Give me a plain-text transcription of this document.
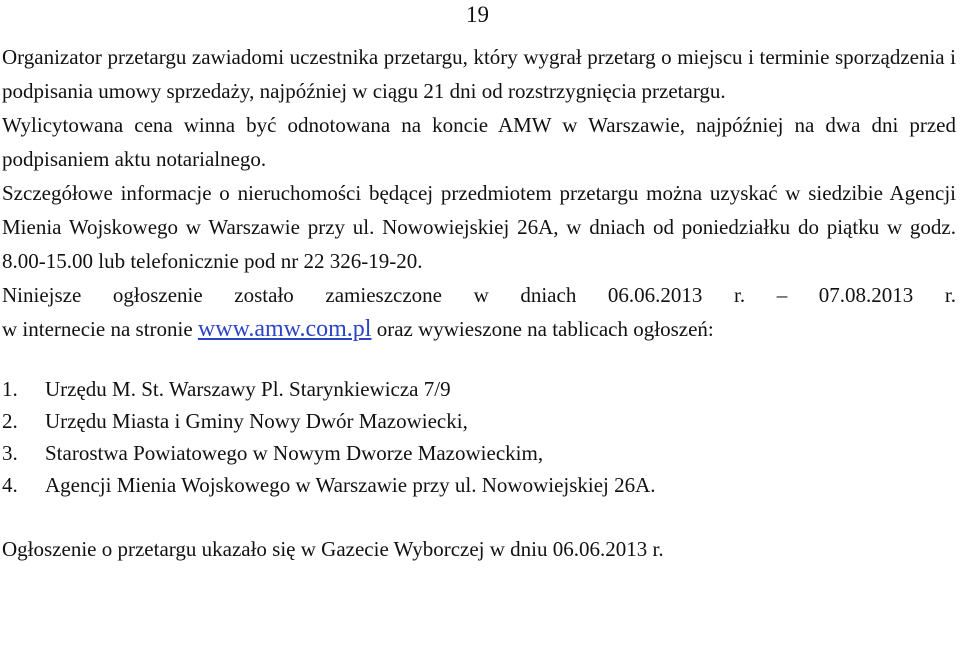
19

Organizator przetargu zawiadomi uczestnika przetargu, który wygrał przetarg o miejscu i terminie sporządzenia i podpisania umowy sprzedaży, najpóźniej w ciągu 21 dni od rozstrzygnięcia przetargu.

Wylicytowana cena winna być odnotowana na koncie AMW w Warszawie, najpóźniej na dwa dni przed podpisaniem aktu notarialnego.

Szczegółowe informacje o nieruchomości będącej przedmiotem przetargu można uzyskać w siedzibie Agencji Mienia Wojskowego w Warszawie przy ul. Nowowiejskiej 26A, w dniach od poniedziałku do piątku w godz. 8.00-15.00 lub telefonicznie pod nr 22 326-19-20.

Niniejsze ogłoszenie zostało zamieszczone w dniach 06.06.2013 r. – 07.08.2013 r.

w internecie na stronie www.amw.com.pl oraz wywieszone na tablicach ogłoszeń:

1.	Urzędu M. St. Warszawy Pl. Starynkiewicza 7/9
2.	Urzędu Miasta i Gminy Nowy Dwór Mazowiecki,
3.	Starostwa Powiatowego w Nowym Dworze Mazowieckim,
4.	Agencji Mienia Wojskowego w Warszawie przy ul. Nowowiejskiej 26A.

Ogłoszenie o przetargu ukazało się w Gazecie Wyborczej w dniu 06.06.2013 r.
